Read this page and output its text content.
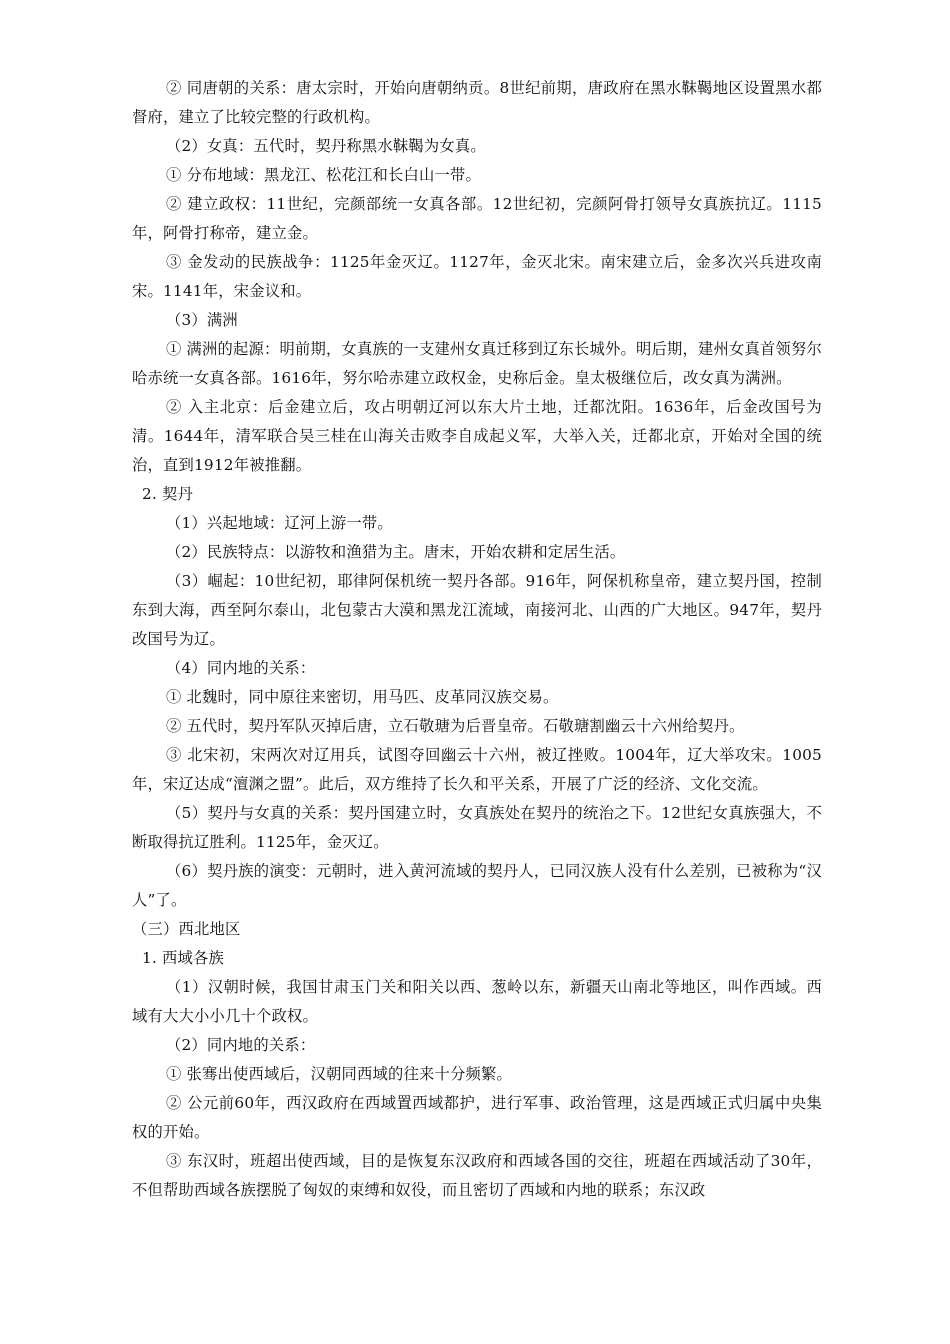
② 同唐朝的关系：唐太宗时，开始向唐朝纳贡。8世纪前期，唐政府在黑水靺鞨地区设置黑水都督府，建立了比较完整的行政机构。

（2）女真：五代时，契丹称黑水靺鞨为女真。

① 分布地域：黑龙江、松花江和长白山一带。

② 建立政权：11世纪，完颜部统一女真各部。12世纪初，完颜阿骨打领导女真族抗辽。1115年，阿骨打称帝，建立金。

③ 金发动的民族战争：1125年金灭辽。1127年，金灭北宋。南宋建立后，金多次兴兵进攻南宋。1141年，宋金议和。

（3）满洲

① 满洲的起源：明前期，女真族的一支建州女真迁移到辽东长城外。明后期，建州女真首领努尔哈赤统一女真各部。1616年，努尔哈赤建立政权金，史称后金。皇太极继位后，改女真为满洲。

② 入主北京：后金建立后，攻占明朝辽河以东大片土地，迁都沈阳。1636年，后金改国号为清。1644年，清军联合吴三桂在山海关击败李自成起义军，大举入关，迁都北京，开始对全国的统治，直到1912年被推翻。

2. 契丹

（1）兴起地域：辽河上游一带。

（2）民族特点：以游牧和渔猎为主。唐末，开始农耕和定居生活。

（3）崛起：10世纪初，耶律阿保机统一契丹各部。916年，阿保机称皇帝，建立契丹国，控制东到大海，西至阿尔泰山，北包蒙古大漠和黑龙江流域，南接河北、山西的广大地区。947年，契丹改国号为辽。

（4）同内地的关系：

① 北魏时，同中原往来密切，用马匹、皮革同汉族交易。

② 五代时，契丹军队灭掉后唐，立石敬瑭为后晋皇帝。石敬瑭割幽云十六州给契丹。

③ 北宋初，宋两次对辽用兵，试图夺回幽云十六州，被辽挫败。1004年，辽大举攻宋。1005年，宋辽达成“澶渊之盟”。此后，双方维持了长久和平关系，开展了广泛的经济、文化交流。

（5）契丹与女真的关系：契丹国建立时，女真族处在契丹的统治之下。12世纪女真族强大，不断取得抗辽胜利。1125年，金灭辽。

（6）契丹族的演变：元朝时，进入黄河流域的契丹人，已同汉族人没有什么差别，已被称为“汉人”了。

（三）西北地区

1. 西域各族

（1）汉朝时候，我国甘肃玉门关和阳关以西、葱岭以东，新疆天山南北等地区，叫作西域。西域有大大小小几十个政权。

（2）同内地的关系：

① 张骞出使西域后，汉朝同西域的往来十分频繁。

② 公元前60年，西汉政府在西域置西域都护，进行军事、政治管理，这是西域正式归属中央集权的开始。

③ 东汉时，班超出使西域，目的是恢复东汉政府和西域各国的交往，班超在西域活动了30年，不但帮助西域各族摆脱了匈奴的束缚和奴役，而且密切了西域和内地的联系；东汉政
